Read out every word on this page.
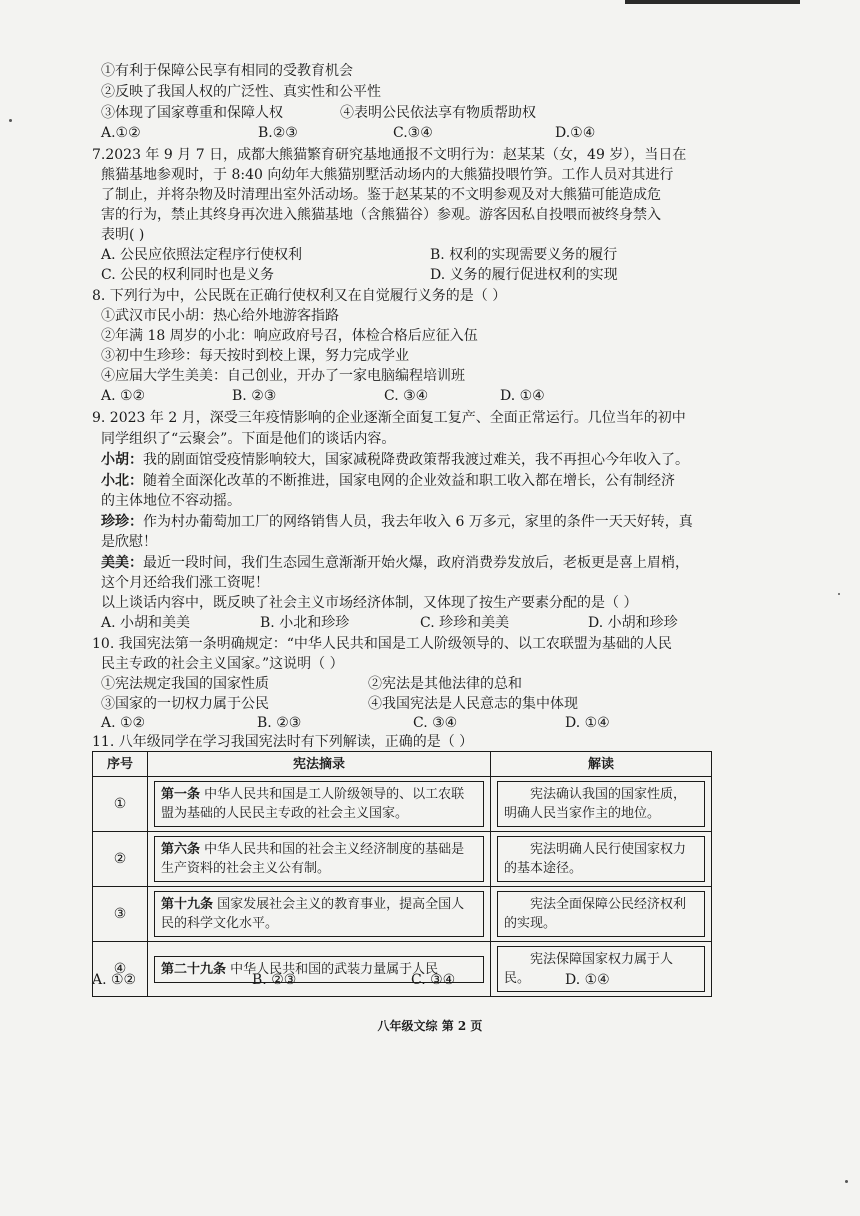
①有利于保障公民享有相同的受教育机会
②反映了我国人权的广泛性、真实性和公平性
③体现了国家尊重和保障人权	④表明公民依法享有物质帮助权
A.①②	B.②③	C.③④	D.①④
7.2023 年 9 月 7 日，成都大熊猫繁育研究基地通报不文明行为：赵某某（女，49 岁），当日在
熊猫基地参观时，于 8:40 向幼年大熊猫别墅活动场内的大熊猫投喂竹笋。工作人员对其进行
了制止，并将杂物及时清理出室外活动场。鉴于赵某某的不文明参观及对大熊猫可能造成危
害的行为，禁止其终身再次进入熊猫基地（含熊猫谷）参观。游客因私自投喂而被终身禁入
表明( )
A. 公民应依照法定程序行使权利	B. 权利的实现需要义务的履行
C. 公民的权利同时也是义务	D. 义务的履行促进权利的实现
8. 下列行为中，公民既在正确行使权利又在自觉履行义务的是（ ）
①武汉市民小胡：热心给外地游客指路
②年满 18 周岁的小北：响应政府号召，体检合格后应征入伍
③初中生珍珍：每天按时到校上课，努力完成学业
④应届大学生美美：自己创业，开办了一家电脑编程培训班
A. ①②	B. ②③	C. ③④	D. ①④
9. 2023 年 2 月，深受三年疫情影响的企业逐渐全面复工复产、全面正常运行。几位当年的初中
同学组织了“云聚会”。下面是他们的谈话内容。
小胡：我的剧面馆受疫情影响较大，国家减税降费政策帮我渡过难关，我不再担心今年收入了。
小北：随着全面深化改革的不断推进，国家电网的企业效益和职工收入都在增长，公有制经济
的主体地位不容动摇。
珍珍：作为村办葡萄加工厂的网络销售人员，我去年收入 6 万多元，家里的条件一天天好转，真
是欣慰！
美美：最近一段时间，我们生态园生意渐渐开始火爆，政府消费券发放后，老板更是喜上眉梢，
这个月还给我们涨工资呢！
以上谈话内容中，既反映了社会主义市场经济体制，又体现了按生产要素分配的是（ ）
A. 小胡和美美	B. 小北和珍珍	C. 珍珍和美美	D. 小胡和珍珍
10. 我国宪法第一条明确规定：“中华人民共和国是工人阶级领导的、以工农联盟为基础的人民
民主专政的社会主义国家。”这说明（ ）
①宪法规定我国的国家性质	②宪法是其他法律的总和
③国家的一切权力属于公民	④我国宪法是人民意志的集中体现
A. ①②	B. ②③	C. ③④	D. ①④
11. 八年级同学在学习我国宪法时有下列解读，正确的是（ ）
序号	宪法摘录	解读
①	第一条 中华人民共和国是工人阶级领导的、以工农联盟为基础的人民民主专政的社会主义国家。	宪法确认我国的国家性质，明确人民当家作主的地位。

②	第六条 中华人民共和国的社会主义经济制度的基础是生产资料的社会主义公有制。	宪法明确人民行使国家权力的基本途径。

③	第十九条 国家发展社会主义的教育事业，提高全国人民的科学文化水平。	宪法全面保障公民经济权利的实现。

④	第二十九条 中华人民共和国的武装力量属于人民	宪法保障国家权力属于人民。
A. ①②	B. ②③	C. ③④	D. ①④
八年级文综 第 2 页
